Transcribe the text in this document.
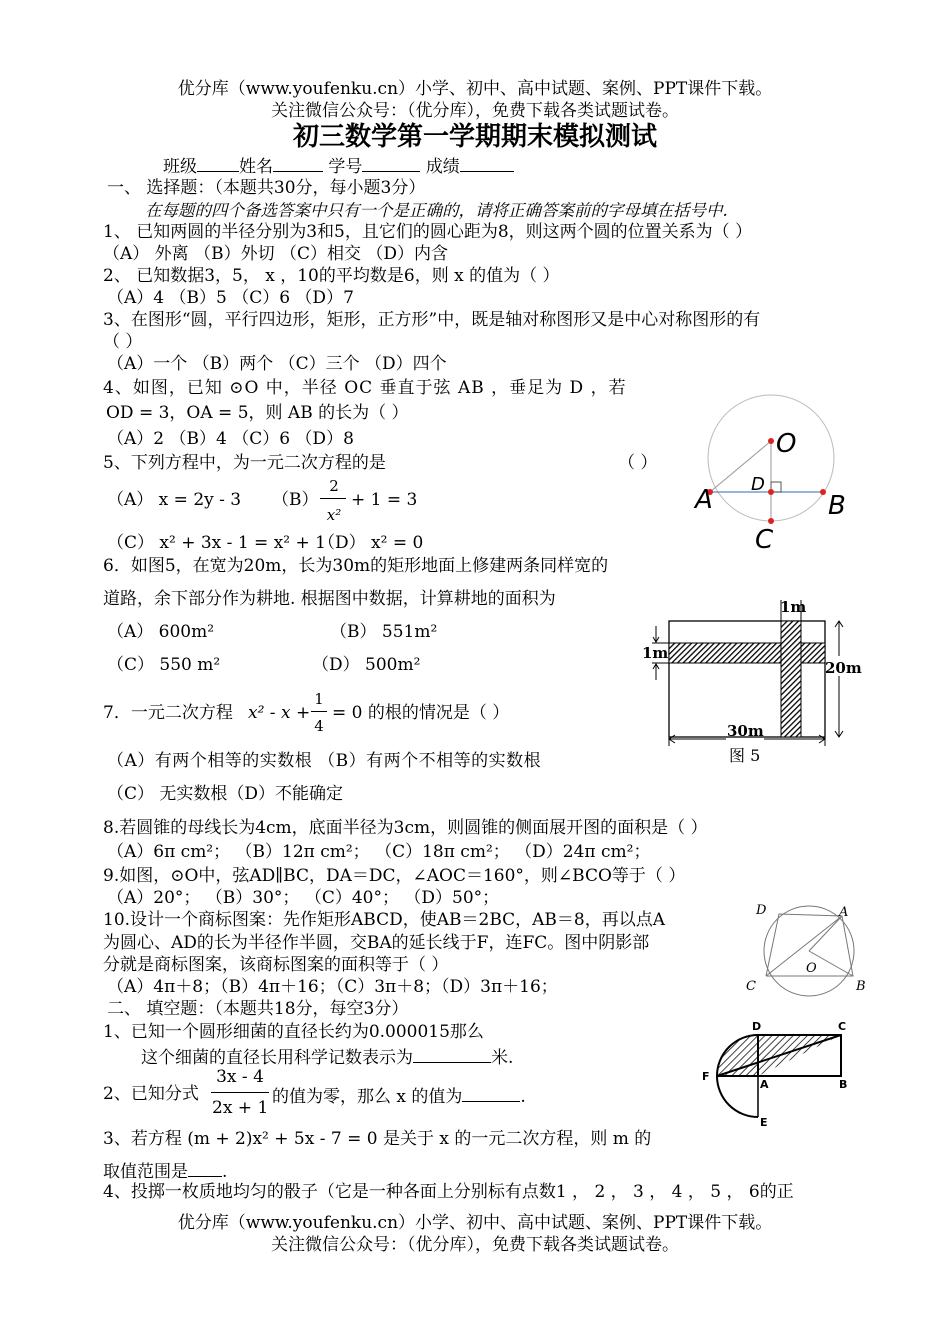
优分库（www.youfenku.cn）小学、初中、高中试题、案例、PPT课件下载。
关注微信公众号：（优分库），免费下载各类试题试卷。
初三数学第一学期期末模拟测试
班级 姓名	学号	成绩
一、 选择题：（本题共30分，每小题3分）
在每题的四个备选答案中只有一个是正确的，请将正确答案前的字母填在括号中.
1、 已知两圆的半径分别为3和5，且它们的圆心距为8，则这两个圆的位置关系为（ ）
（A） 外离 （B）外切 （C）相交 （D）内含
2、 已知数据3，5， x ，10的平均数是6，则 x 的值为（ ）
（A）4 （B）5 （C）6 （D）7
3、在图形“圆，平行四边形，矩形，正方形”中，既是轴对称图形又是中心对称图形的有
（ ）
（A）一个 （B）两个 （C）三个 （D）四个
4、如图，已知 ⊙O 中，半径 OC 垂直于弦 AB ，垂足为 D ，若
OD = 3，OA = 5，则 AB 的长为（ ）
（A）2 （B）4 （C）6 （D）8
5、下列方程中，为一元二次方程的是	（ ）
（A） x = 2y - 3 （B）
2
x²
+ 1 = 3
（C） x² + 3x - 1 = x² + 1
（D） x² = 0
6．如图5，在宽为20m，长为30m的矩形地面上修建两条同样宽的
道路，余下部分作为耕地. 根据图中数据，计算耕地的面积为
（A） 600m²	（B） 551m²
（C） 550 m²	（D） 500m²
7．一元二次方程 x² - x +
1
4
= 0 的根的情况是（ ）
（A）有两个相等的实数根 （B）有两个不相等的实数根
（C） 无实数根（D）不能确定
8.若圆锥的母线长为4cm，底面半径为3cm，则圆锥的侧面展开图的面积是（ ）
（A）6π cm²； （B）12π cm²； （C）18π cm²； （D）24π cm²；
9.如图，⊙O中，弦AD∥BC，DA＝DC，∠AOC＝160°，则∠BCO等于（ ）
（A）20°； （B）30°； （C）40°； （D）50°；
10.设计一个商标图案：先作矩形ABCD，使AB＝2BC，AB＝8，再以点A
为圆心、AD的长为半径作半圆，交BA的延长线于F，连FC。图中阴影部
分就是商标图案，该商标图案的面积等于（ ）
（A）4π＋8；（B）4π＋16；（C）3π＋8；（D）3π＋16；
二、 填空题：（本题共18分，每空3分）
1、已知一个圆形细菌的直径长约为0.000015那么
这个细菌的直径长用科学记数表示为	米.
2、已知分式
3x - 4
2x + 1
的值为零，那么 x 的值为	.
3、若方程 (m + 2)x² + 5x - 7 = 0 是关于 x 的一元二次方程，则 m 的
取值范围是 .
4、投掷一枚质地均匀的骰子（它是一种各面上分别标有点数1 ， 2 ， 3 ， 4 ， 5 ， 6的正
优分库（www.youfenku.cn）小学、初中、高中试题、案例、PPT课件下载。
关注微信公众号：（优分库），免费下载各类试题试卷。
O
A	B
C
D
1m
1m
20m
30m
图 5
D	A
C	B
O
D	C
F
A	B
E
